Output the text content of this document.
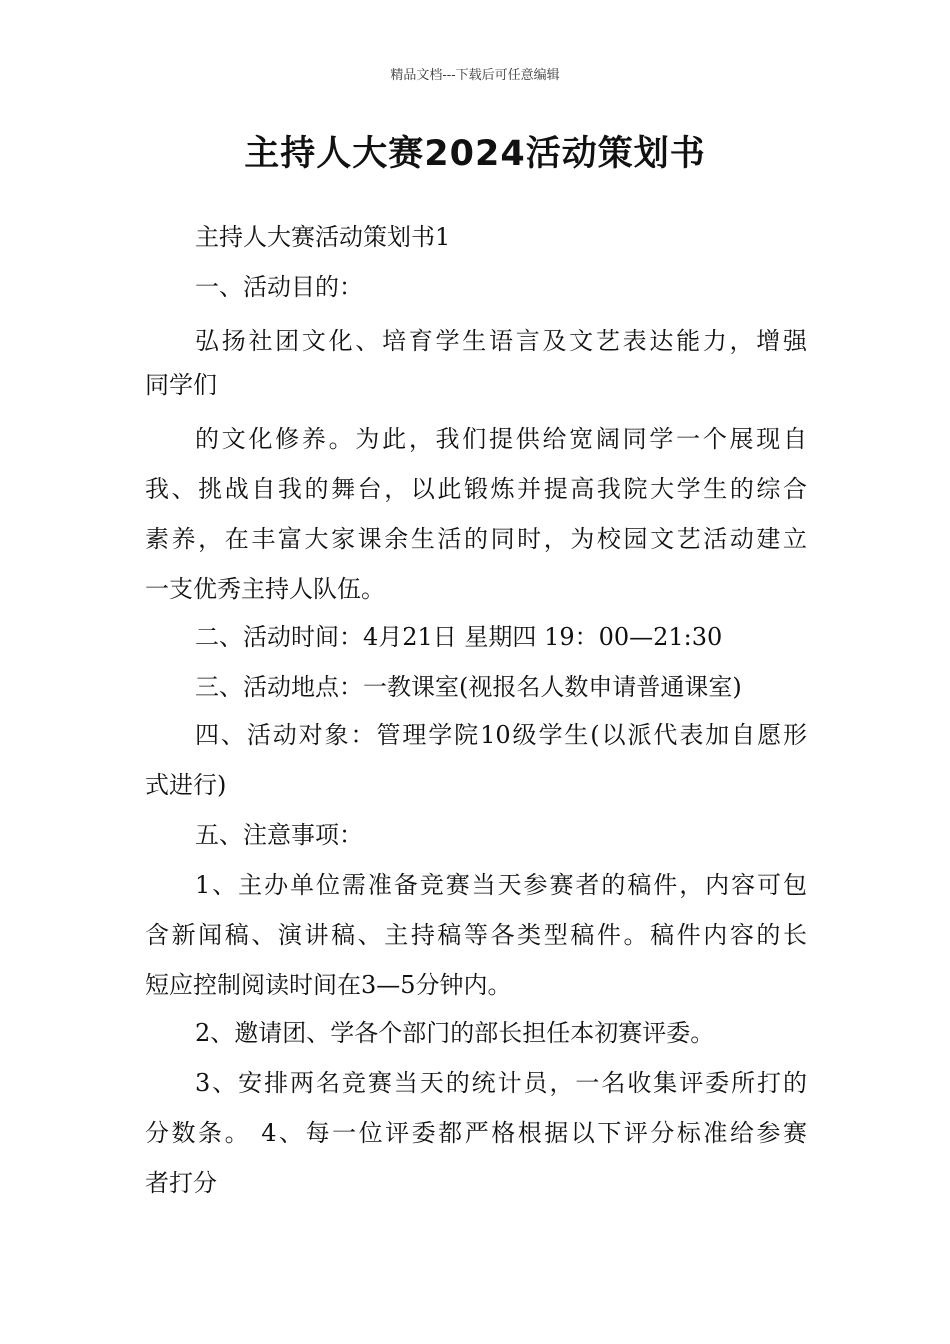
精品文档---下载后可任意编辑
主持人大赛2024活动策划书
主持人大赛活动策划书1
一、活动目的：
弘扬社团文化、培育学生语言及文艺表达能力，增强
同学们
的文化修养。为此，我们提供给宽阔同学一个展现自
我、挑战自我的舞台，以此锻炼并提高我院大学生的综合
素养，在丰富大家课余生活的同时，为校园文艺活动建立
一支优秀主持人队伍。
二、活动时间：4月21日 星期四 19：00—21:30
三、活动地点：一教课室(视报名人数申请普通课室)
四、活动对象：管理学院10级学生(以派代表加自愿形
式进行)
五、注意事项：
1、主办单位需准备竞赛当天参赛者的稿件，内容可包
含新闻稿、演讲稿、主持稿等各类型稿件。稿件内容的长
短应控制阅读时间在3—5分钟内。
2、邀请团、学各个部门的部长担任本初赛评委。
3、安排两名竞赛当天的统计员，一名收集评委所打的
分数条。 4、每一位评委都严格根据以下评分标准给参赛
者打分
